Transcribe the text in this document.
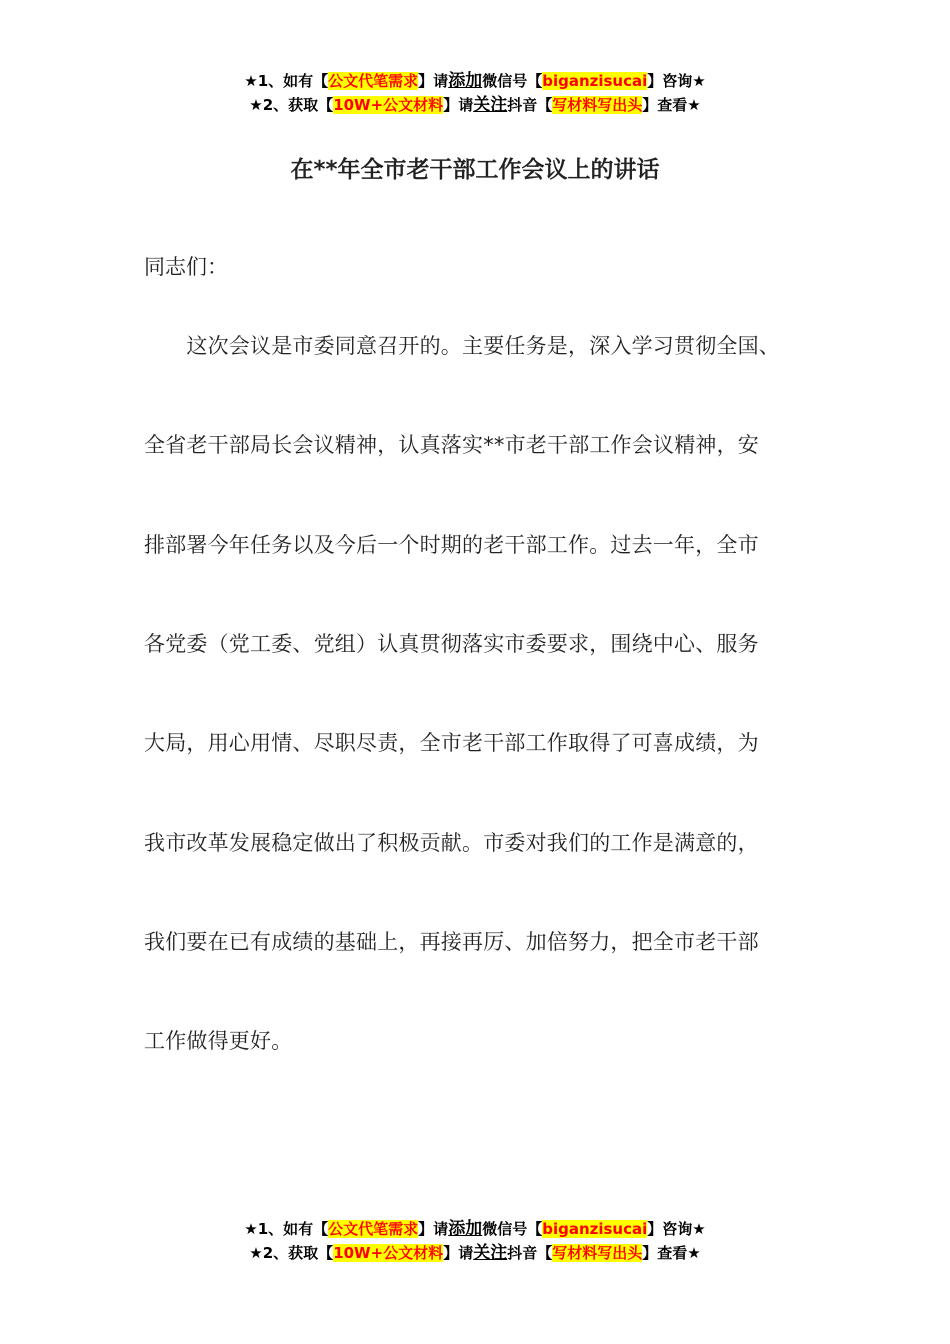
★1、如有【公文代笔需求】请添加微信号【biganzisucai】咨询★
★2、获取【10W+公文材料】请关注抖音【写材料写出头】查看★
在**年全市老干部工作会议上的讲话
同志们：
　　这次会议是市委同意召开的。主要任务是，深入学习贯彻全国、
全省老干部局长会议精神，认真落实**市老干部工作会议精神，安
排部署今年任务以及今后一个时期的老干部工作。过去一年，全市
各党委（党工委、党组）认真贯彻落实市委要求，围绕中心、服务
大局，用心用情、尽职尽责，全市老干部工作取得了可喜成绩，为
我市改革发展稳定做出了积极贡献。市委对我们的工作是满意的，
我们要在已有成绩的基础上，再接再厉、加倍努力，把全市老干部
工作做得更好。
★1、如有【公文代笔需求】请添加微信号【biganzisucai】咨询★
★2、获取【10W+公文材料】请关注抖音【写材料写出头】查看★
